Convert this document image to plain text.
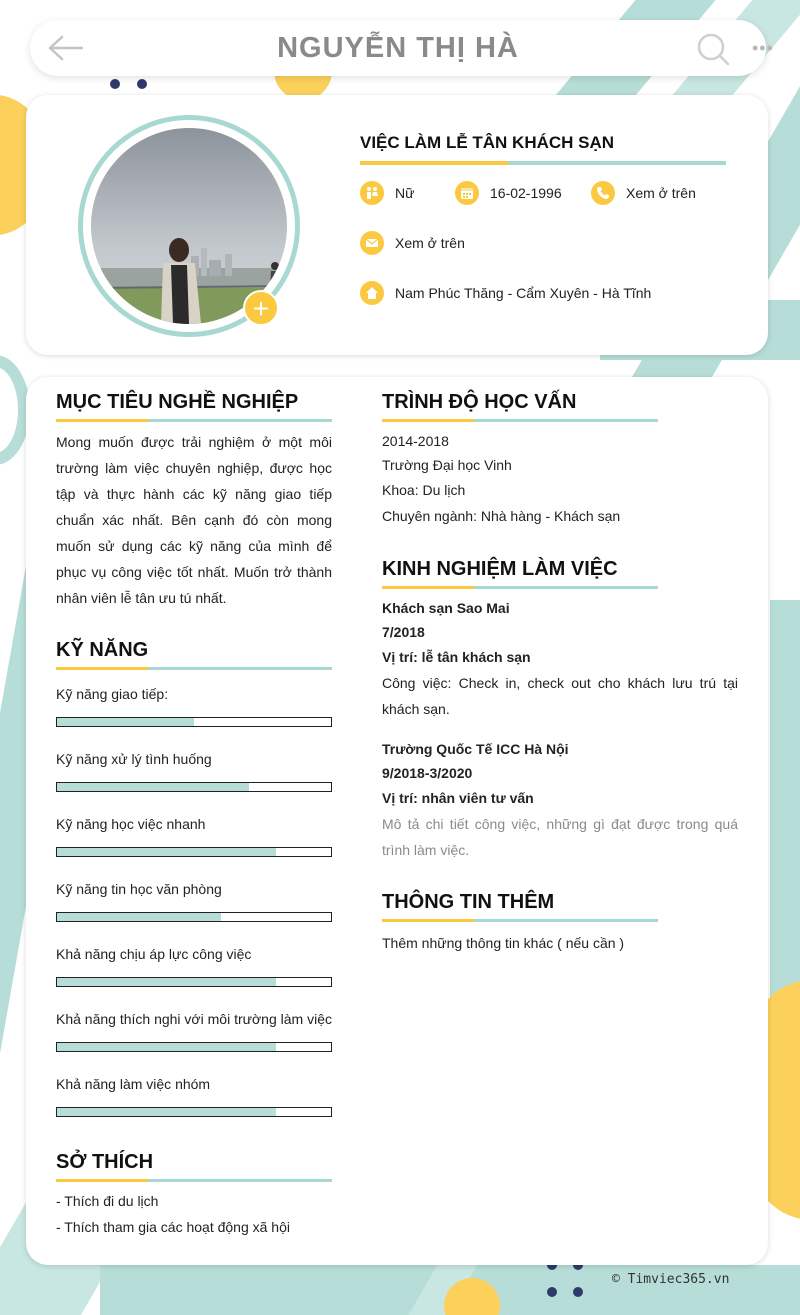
NGUYỄN THỊ HÀ	•••
+
VIỆC LÀM LỄ TÂN KHÁCH SẠN
Nữ	16-02-1996	Xem ở trên
Xem ở trên
Nam Phúc Thăng - Cẩm Xuyên - Hà Tĩnh
MỤC TIÊU NGHỀ NGHIỆP
Mong muốn được trải nghiệm ở một môi trường làm việc chuyên nghiệp, được học tập và thực hành các kỹ năng giao tiếp chuẩn xác nhất. Bên cạnh đó còn mong muốn sử dụng các kỹ năng của mình để phục vụ công việc tốt nhất. Muốn trở thành nhân viên lễ tân ưu tú nhất.
KỸ NĂNG
Kỹ năng giao tiếp:
Kỹ năng xử lý tình huống
Kỹ năng học việc nhanh
Kỹ năng tin học văn phòng
Khả năng chịu áp lực công việc
Khả năng thích nghi với môi trường làm việc
Khả năng làm việc nhóm
SỞ THÍCH
- Thích đi du lịch
- Thích tham gia các hoạt động xã hội
TRÌNH ĐỘ HỌC VẤN
2014-2018
Trường Đại học Vinh
Khoa: Du lịch
Chuyên ngành: Nhà hàng - Khách sạn
KINH NGHIỆM LÀM VIỆC
Khách sạn Sao Mai
7/2018
Vị trí: lễ tân khách sạn
Công việc: Check in, check out cho khách lưu trú tại khách sạn.
Trường Quốc Tế ICC Hà Nội
9/2018-3/2020
Vị trí: nhân viên tư vấn
Mô tả chi tiết công việc, những gì đạt được trong quá trình làm việc.
THÔNG TIN THÊM
Thêm những thông tin khác ( nếu cần )
© Timviec365.vn
